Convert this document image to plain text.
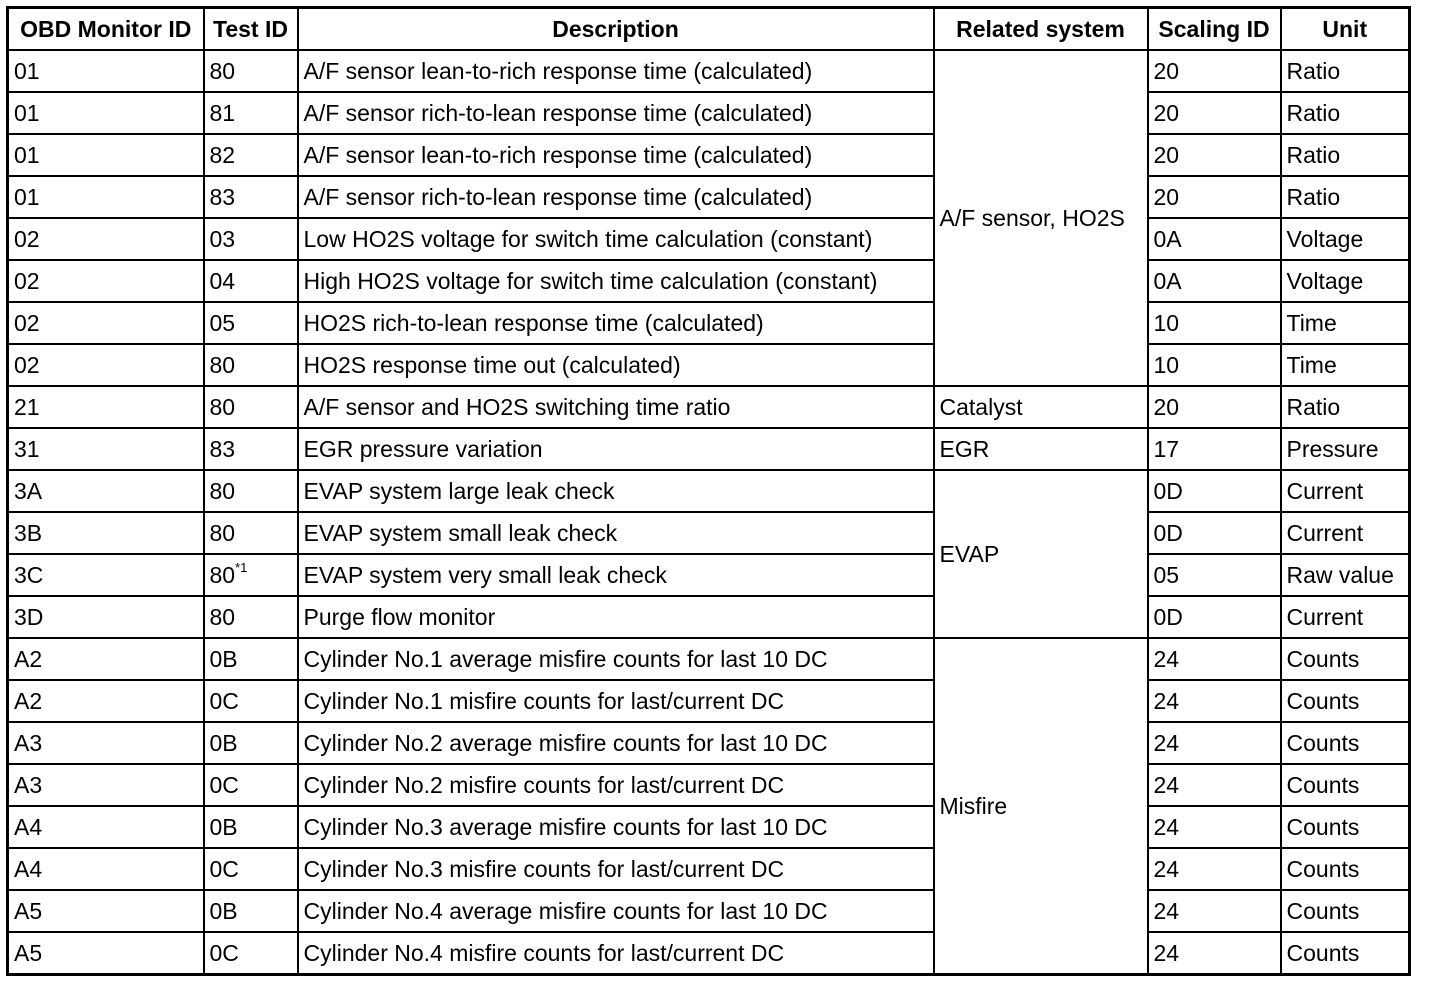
OBD Monitor ID	Test ID	Description	Related system	Scaling ID	Unit
01	80	A/F sensor lean-to-rich response time (calculated)	A/F sensor, HO2S	20	Ratio
01	81	A/F sensor rich-to-lean response time (calculated)		20	Ratio
01	82	A/F sensor lean-to-rich response time (calculated)		20	Ratio
01	83	A/F sensor rich-to-lean response time (calculated)		20	Ratio
02	03	Low HO2S voltage for switch time calculation (constant)		0A	Voltage
02	04	High HO2S voltage for switch time calculation (constant)		0A	Voltage
02	05	HO2S rich-to-lean response time (calculated)		10	Time
02	80	HO2S response time out (calculated)		10	Time
21	80	A/F sensor and HO2S switching time ratio	Catalyst	20	Ratio
31	83	EGR pressure variation	EGR	17	Pressure
3A	80	EVAP system large leak check	EVAP	0D	Current
3B	80	EVAP system small leak check		0D	Current
3C	80$^{*1}$	EVAP system very small leak check		05	Raw value
3D	80	Purge flow monitor		0D	Current
A2	0B	Cylinder No.1 average misfire counts for last 10 DC	Misfire	24	Counts
A2	0C	Cylinder No.1 misfire counts for last/current DC		24	Counts
A3	0B	Cylinder No.2 average misfire counts for last 10 DC		24	Counts
A3	0C	Cylinder No.2 misfire counts for last/current DC		24	Counts
A4	0B	Cylinder No.3 average misfire counts for last 10 DC		24	Counts
A4	0C	Cylinder No.3 misfire counts for last/current DC		24	Counts
A5	0B	Cylinder No.4 average misfire counts for last 10 DC		24	Counts
A5	0C	Cylinder No.4 misfire counts for last/current DC		24	Counts
